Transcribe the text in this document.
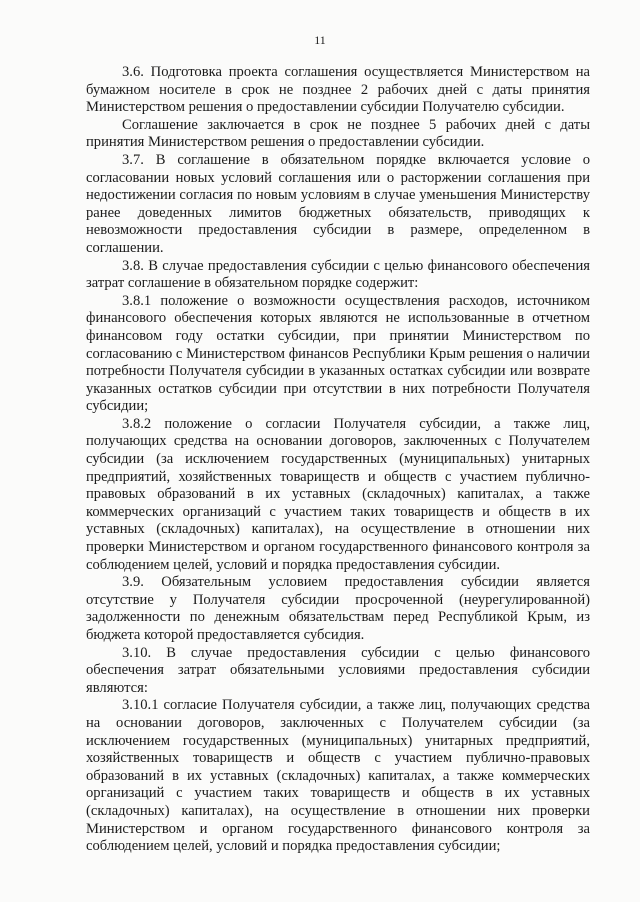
11

3.6. Подготовка проекта соглашения осуществляется Министерством на бумажном носителе в срок не позднее 2 рабочих дней с даты принятия Министерством решения о предоставлении субсидии Получателю субсидии.

Соглашение заключается в срок не позднее 5 рабочих дней с даты принятия Министерством решения о предоставлении субсидии.

3.7. В соглашение в обязательном порядке включается условие о согласовании новых условий соглашения или о расторжении соглашения при недостижении согласия по новым условиям в случае уменьшения Министерству ранее доведенных лимитов бюджетных обязательств, приводящих к невозможности предоставления субсидии в размере, определенном в соглашении.

3.8. В случае предоставления субсидии с целью финансового обеспечения затрат соглашение в обязательном порядке содержит:

3.8.1 положение о возможности осуществления расходов, источником финансового обеспечения которых являются не использованные в отчетном финансовом году остатки субсидии, при принятии Министерством по согласованию с Министерством финансов Республики Крым решения о наличии потребности Получателя субсидии в указанных остатках субсидии или возврате указанных остатков субсидии при отсутствии в них потребности Получателя субсидии;

3.8.2 положение о согласии Получателя субсидии, а также лиц, получающих средства на основании договоров, заключенных с Получателем субсидии (за исключением государственных (муниципальных) унитарных предприятий, хозяйственных товариществ и обществ с участием публично-правовых образований в их уставных (складочных) капиталах, а также коммерческих организаций с участием таких товариществ и обществ в их уставных (складочных) капиталах), на осуществление в отношении них проверки Министерством и органом государственного финансового контроля за соблюдением целей, условий и порядка предоставления субсидии.

3.9. Обязательным условием предоставления субсидии является отсутствие у Получателя субсидии просроченной (неурегулированной) задолженности по денежным обязательствам перед Республикой Крым, из бюджета которой предоставляется субсидия.

3.10. В случае предоставления субсидии с целью финансового обеспечения затрат обязательными условиями предоставления субсидии являются:

3.10.1 согласие Получателя субсидии, а также лиц, получающих средства на основании договоров, заключенных с Получателем субсидии (за исключением государственных (муниципальных) унитарных предприятий, хозяйственных товариществ и обществ с участием публично-правовых образований в их уставных (складочных) капиталах, а также коммерческих организаций с участием таких товариществ и обществ в их уставных (складочных) капиталах), на осуществление в отношении них проверки Министерством и органом государственного финансового контроля за соблюдением целей, условий и порядка предоставления субсидии;
